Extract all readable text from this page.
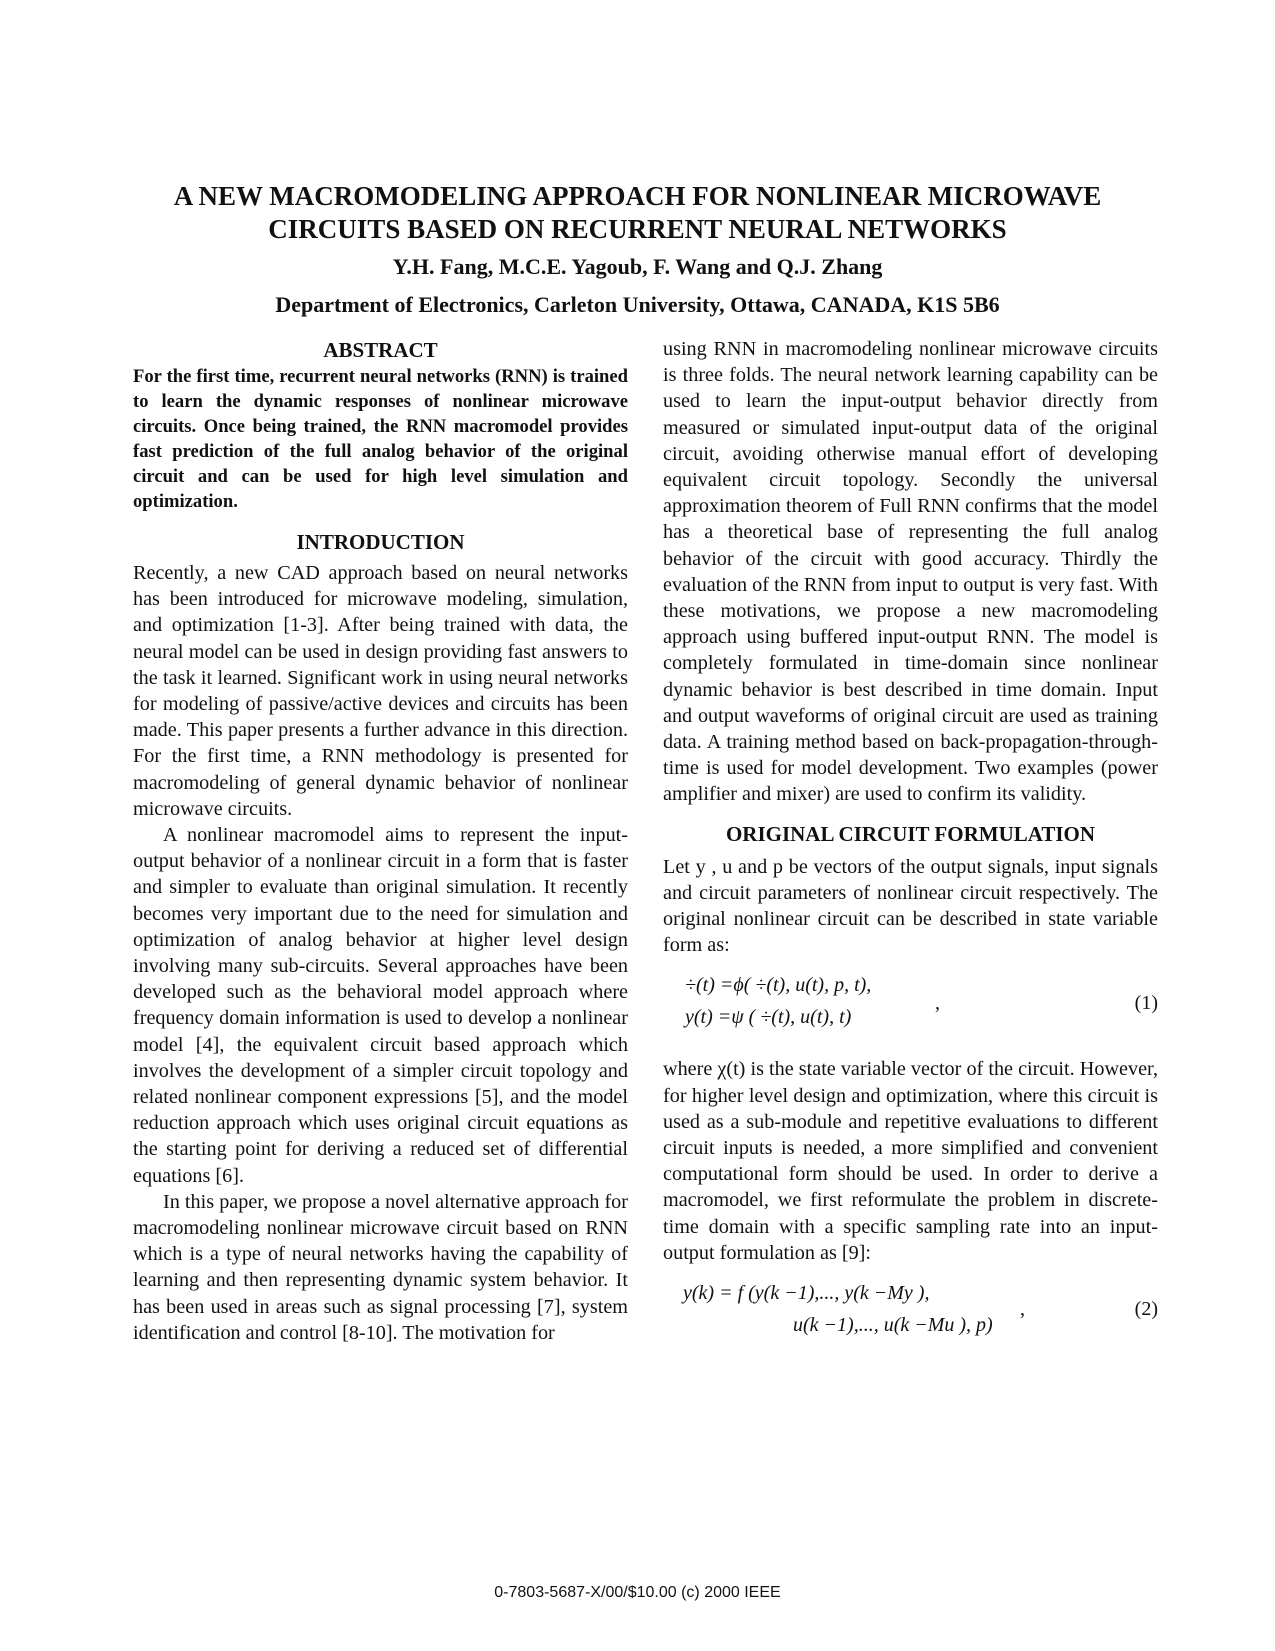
A NEW MACROMODELING APPROACH FOR NONLINEAR MICROWAVE
CIRCUITS BASED ON RECURRENT NEURAL NETWORKS
Y.H. Fang, M.C.E. Yagoub, F. Wang and Q.J. Zhang
Department of Electronics, Carleton University, Ottawa, CANADA, K1S 5B6
ABSTRACT

For the first time, recurrent neural networks (RNN) is trained to learn the dynamic responses of nonlinear microwave circuits. Once being trained, the RNN macromodel provides fast prediction of the full analog behavior of the original circuit and can be used for high level simulation and optimization.

INTRODUCTION

Recently, a new CAD approach based on neural networks has been introduced for microwave modeling, simulation, and optimization [1-3]. After being trained with data, the neural model can be used in design providing fast answers to the task it learned. Significant work in using neural networks for modeling of passive/active devices and circuits has been made. This paper presents a further advance in this direction. For the first time, a RNN methodology is presented for macromodeling of general dynamic behavior of nonlinear microwave circuits.

A nonlinear macromodel aims to represent the input-output behavior of a nonlinear circuit in a form that is faster and simpler to evaluate than original simulation. It recently becomes very important due to the need for simulation and optimization of analog behavior at higher level design involving many sub-circuits. Several approaches have been developed such as the behavioral model approach where frequency domain information is used to develop a nonlinear model [4], the equivalent circuit based approach which involves the development of a simpler circuit topology and related nonlinear component expressions [5], and the model reduction approach which uses original circuit equations as the starting point for deriving a reduced set of differential equations [6].

In this paper, we propose a novel alternative approach for macromodeling nonlinear microwave circuit based on RNN which is a type of neural networks having the capability of learning and then representing dynamic system behavior. It has been used in areas such as signal processing [7], system identification and control [8-10]. The motivation for

using RNN in macromodeling nonlinear microwave circuits is three folds. The neural network learning capability can be used to learn the input-output behavior directly from measured or simulated input-output data of the original circuit, avoiding otherwise manual effort of developing equivalent circuit topology. Secondly the universal approximation theorem of Full RNN confirms that the model has a theoretical base of representing the full analog behavior of the circuit with good accuracy. Thirdly the evaluation of the RNN from input to output is very fast. With these motivations, we propose a new macromodeling approach using buffered input-output RNN. The model is completely formulated in time-domain since nonlinear dynamic behavior is best described in time domain. Input and output waveforms of original circuit are used as training data. A training method based on back-propagation-through-time is used for model development. Two examples (power amplifier and mixer) are used to confirm its validity.

ORIGINAL CIRCUIT FORMULATION

Let y , u and p be vectors of the output signals, input signals and circuit parameters of nonlinear circuit respectively. The original nonlinear circuit can be described in state variable form as:

÷(t) =ϕ( ÷(t), u(t), p, t),
y(t) =ψ ( ÷(t), u(t), t)
,	(1)

where χ(t) is the state variable vector of the circuit. However, for higher level design and optimization, where this circuit is used as a sub-module and repetitive evaluations to different circuit inputs is needed, a more simplified and convenient computational form should be used. In order to derive a macromodel, we first reformulate the problem in discrete-time domain with a specific sampling rate into an input-output formulation as [9]:

y(k) = f (y(k −1),..., y(k −My ),
u(k −1),..., u(k −Mu ), p)
,	(2)
0-7803-5687-X/00/$10.00 (c) 2000 IEEE
